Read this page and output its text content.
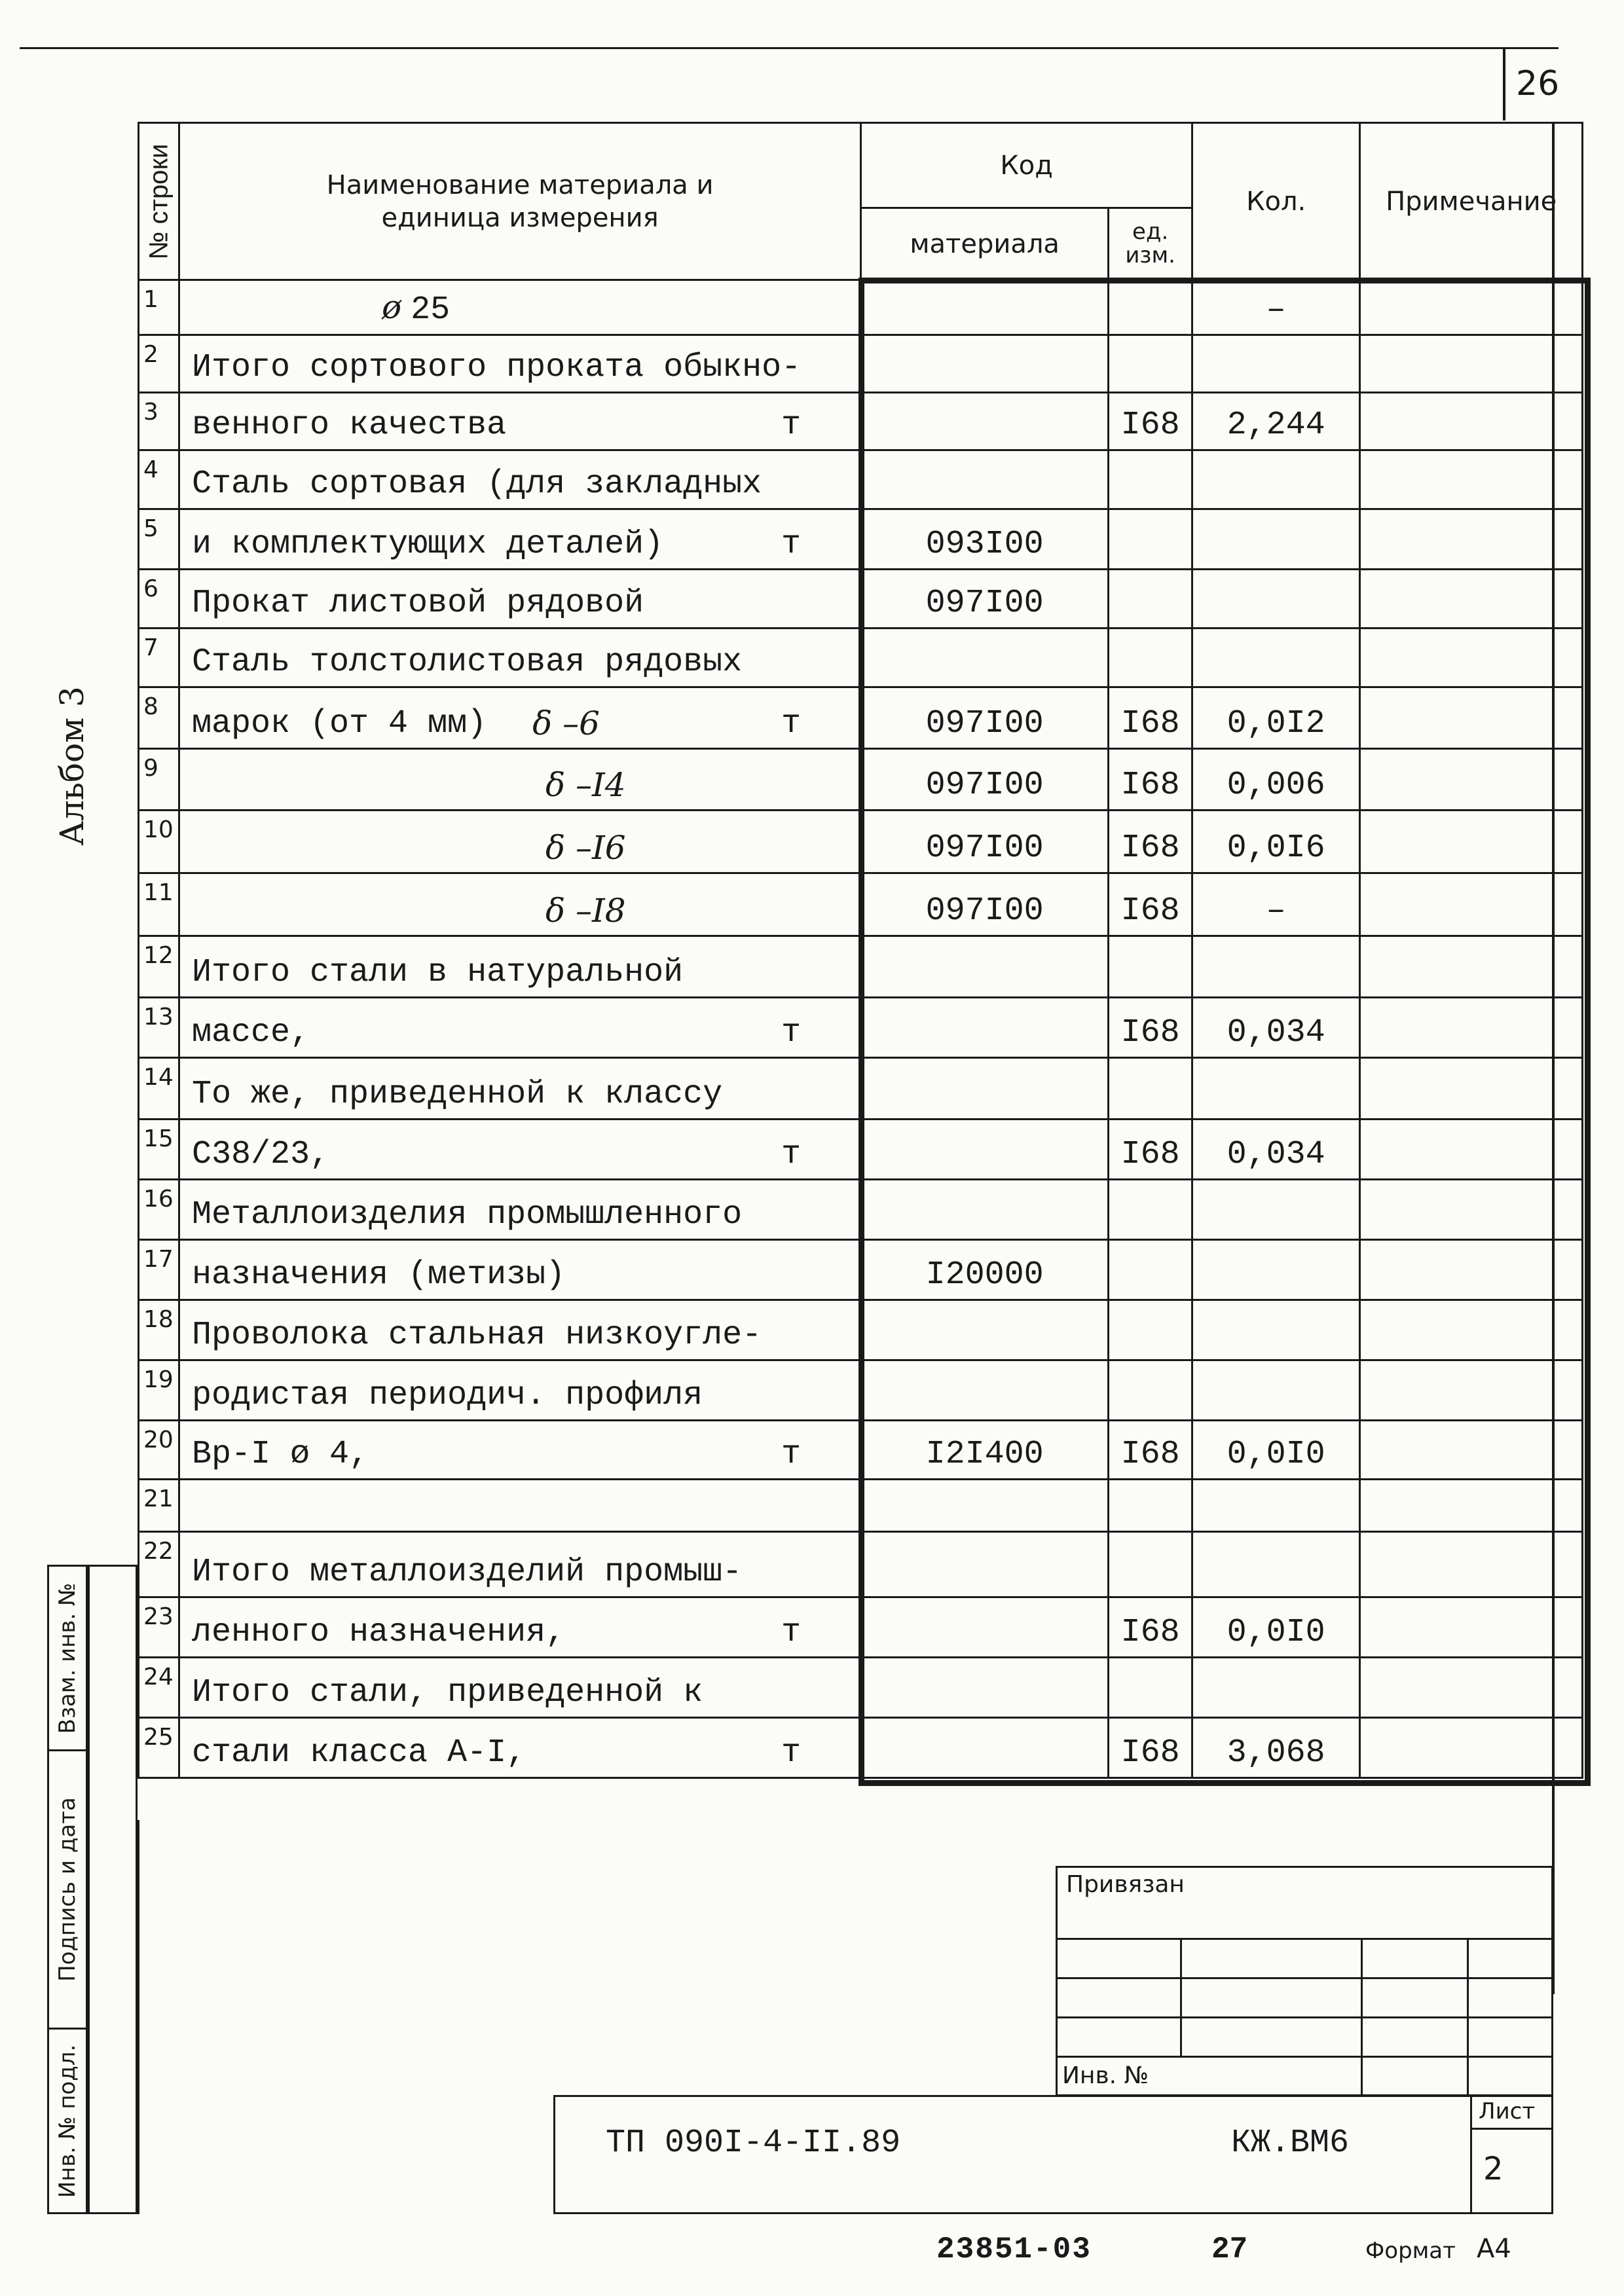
26
Альбом 3
№ строки	Наименование материала и
единица измерения	Код		Кол.	Примечание
		материала	ед.
изм.		

1	ø 25			–	
2	Итого сортового проката обыкно-				

3	венного качества т		I68	2,244	
4	Сталь сортовая (для закладных				

5	и комплектующих деталей) т	093I00			
6	Прокат листовой рядовой	097I00			
7	Сталь толстолистовая рядовых				

8	марок (от 4 мм) δ –6 т	097I00	I68	0,0I2	
9	δ –I4	097I00	I68	0,006	
10	δ –I6	097I00	I68	0,0I6	
11	δ –I8	097I00	I68	–	
12	Итого стали в натуральной				

13	массе, т		I68	0,034	
14	То же, приведенной к классу				

15	С38/23, т		I68	0,034	
16	Металлоизделия промышленного				

17	назначения (метизы)	I20000			
18	Проволока стальная низкоугле-				

19	родистая периодич. профиля				

20	Вр-I ø 4, т	I2I400	I68	0,0I0	
21	

22	Итого металлоизделий промыш-				

23	ленного назначения, т		I68	0,0I0	
24	Итого стали, приведенной к				

25	стали класса А-I, т		I68	3,068	
Взам. инв. №
Подпись и дата
Инв. № подл.
Привязан
Инв. №
ТП 090I-4-II.89	КЖ.ВМ6
Лист
2
23851-03	27	Формат А4
